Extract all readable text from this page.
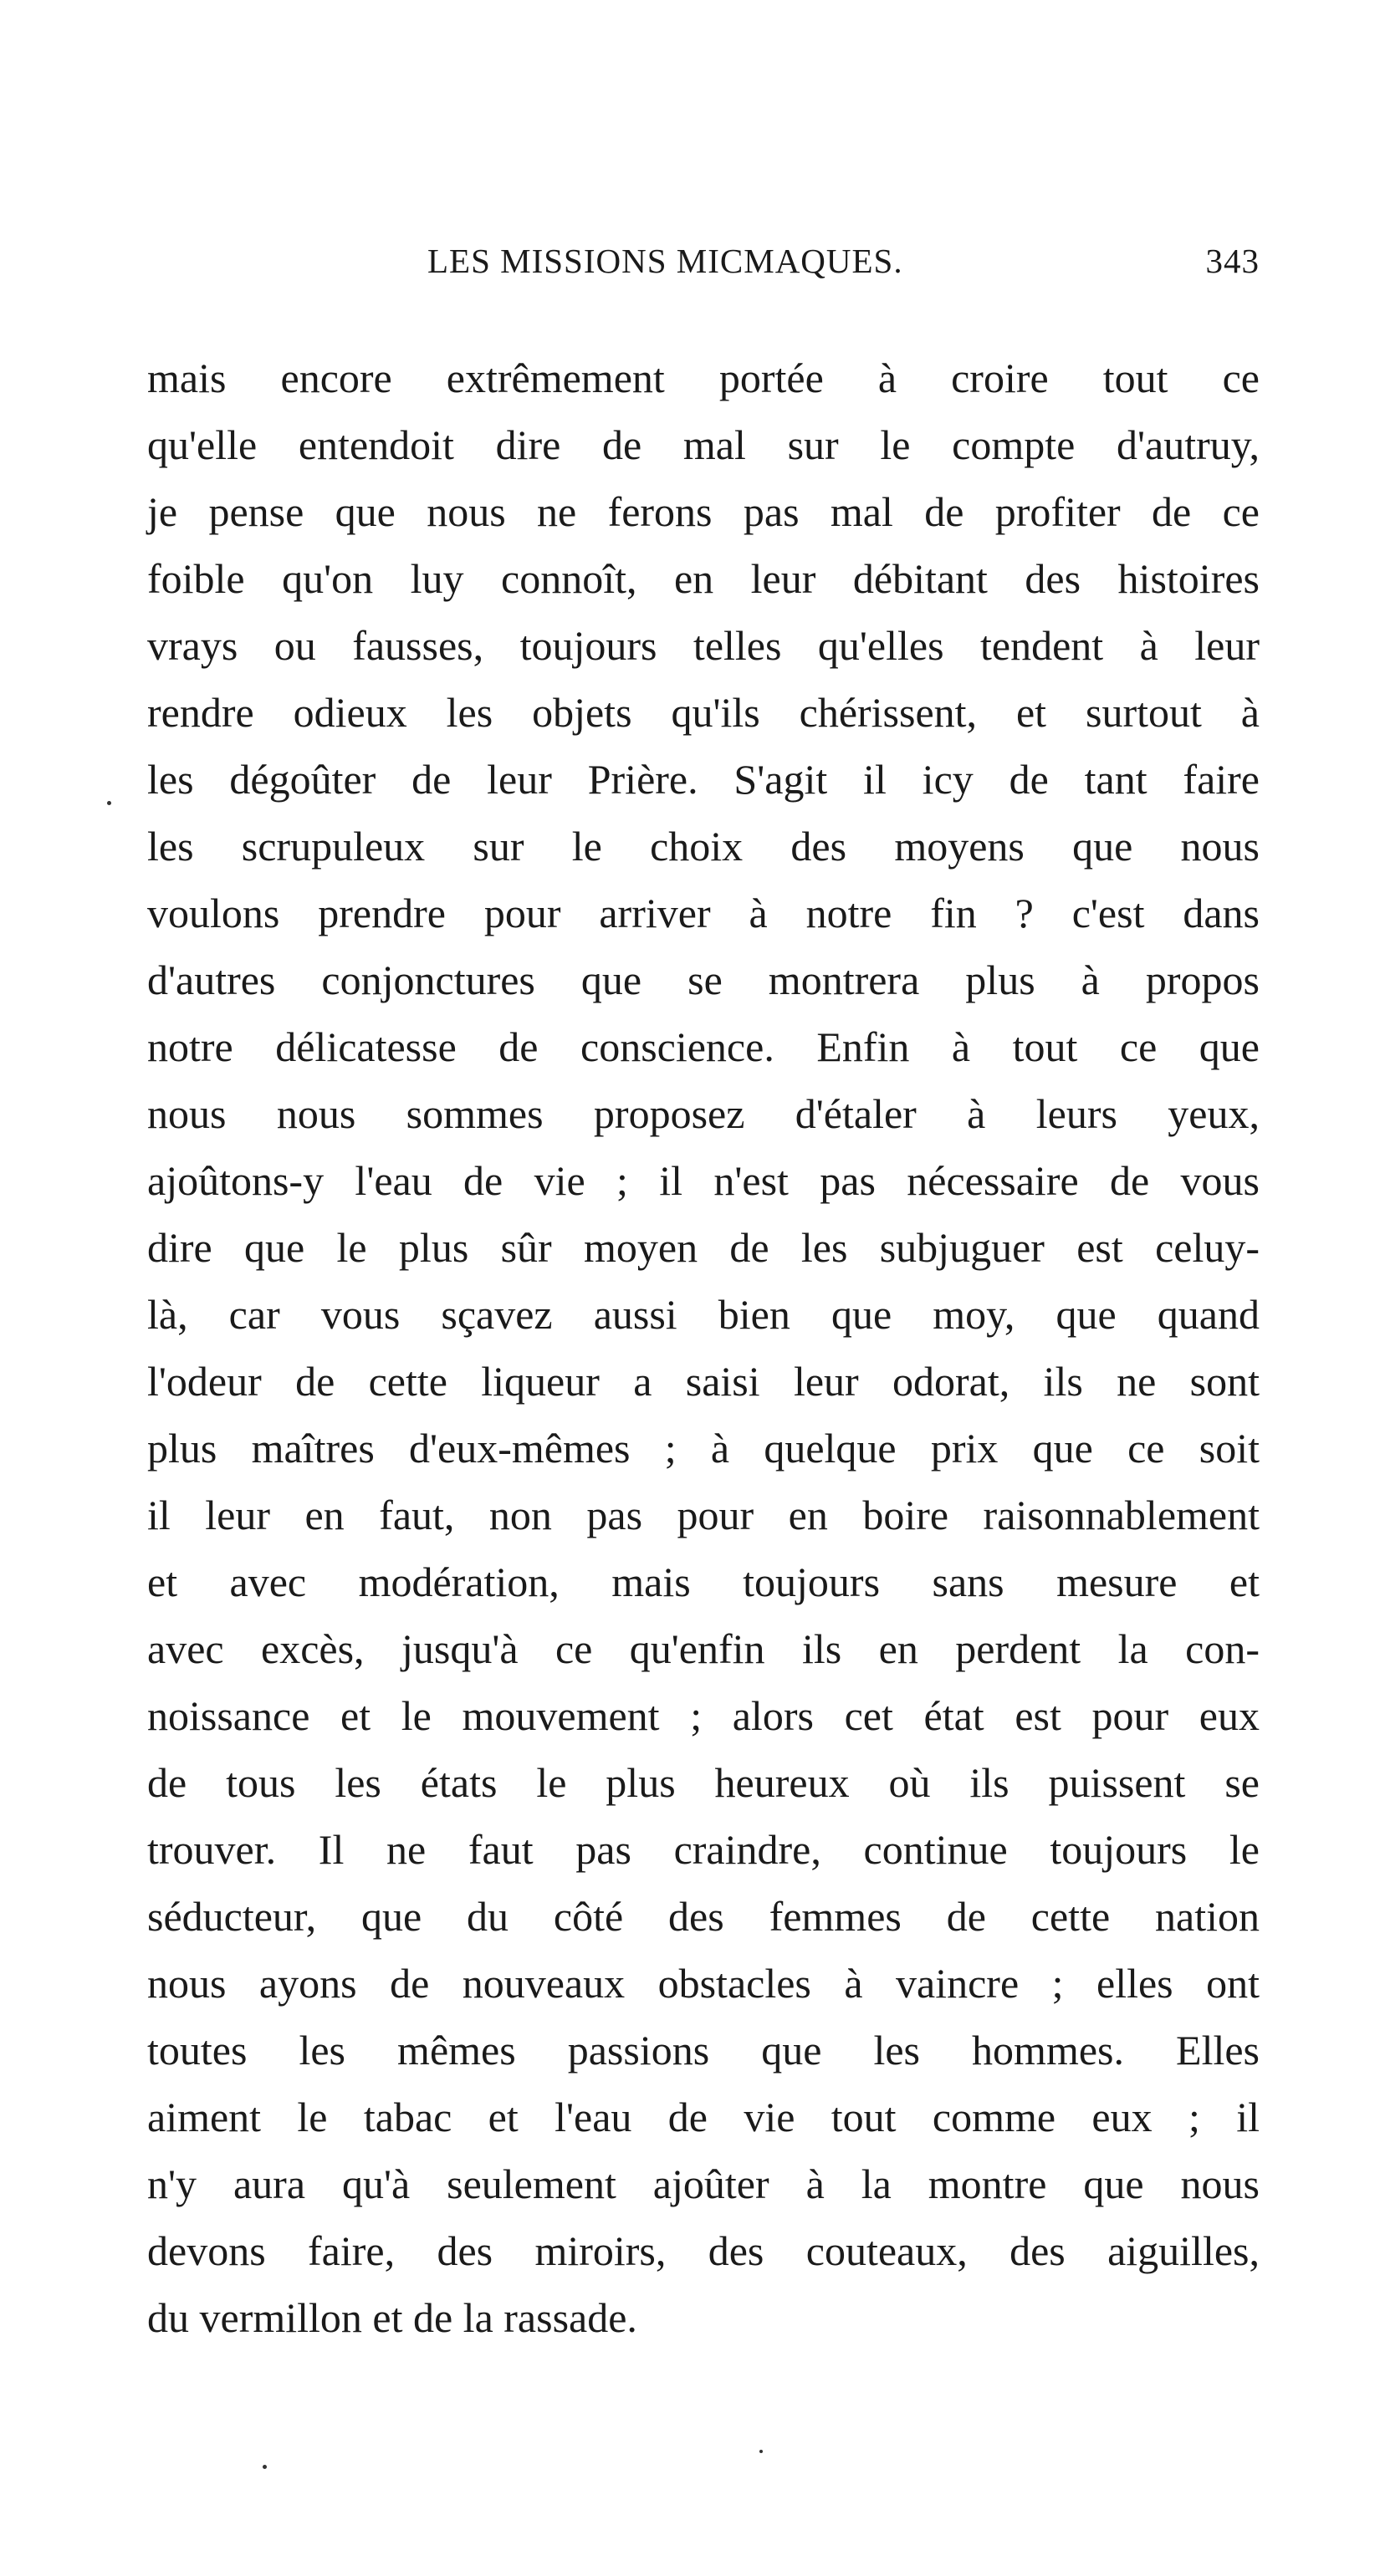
LES MISSIONS MICMAQUES.	343
mais encore extrêmement portée à croire tout ce
qu'elle entendoit dire de mal sur le compte d'autruy,
je pense que nous ne ferons pas mal de profiter de ce
foible qu'on luy connoît, en leur débitant des histoires
vrays ou fausses, toujours telles qu'elles tendent à leur
rendre odieux les objets qu'ils chérissent, et surtout à
les dégoûter de leur Prière. S'agit il icy de tant faire
les scrupuleux sur le choix des moyens que nous
voulons prendre pour arriver à notre fin ? c'est dans
d'autres conjonctures que se montrera plus à propos
notre délicatesse de conscience. Enfin à tout ce que
nous nous sommes proposez d'étaler à leurs yeux,
ajoûtons-y l'eau de vie ; il n'est pas nécessaire de vous
dire que le plus sûr moyen de les subjuguer est celuy-
là, car vous sçavez aussi bien que moy, que quand
l'odeur de cette liqueur a saisi leur odorat, ils ne sont
plus maîtres d'eux-mêmes ; à quelque prix que ce soit
il leur en faut, non pas pour en boire raisonnablement
et avec modération, mais toujours sans mesure et
avec excès, jusqu'à ce qu'enfin ils en perdent la con-
noissance et le mouvement ; alors cet état est pour eux
de tous les états le plus heureux où ils puissent se
trouver. Il ne faut pas craindre, continue toujours le
séducteur, que du côté des femmes de cette nation
nous ayons de nouveaux obstacles à vaincre ; elles ont
toutes les mêmes passions que les hommes. Elles
aiment le tabac et l'eau de vie tout comme eux ; il
n'y aura qu'à seulement ajoûter à la montre que nous
devons faire, des miroirs, des couteaux, des aiguilles,
du vermillon et de la rassade.
